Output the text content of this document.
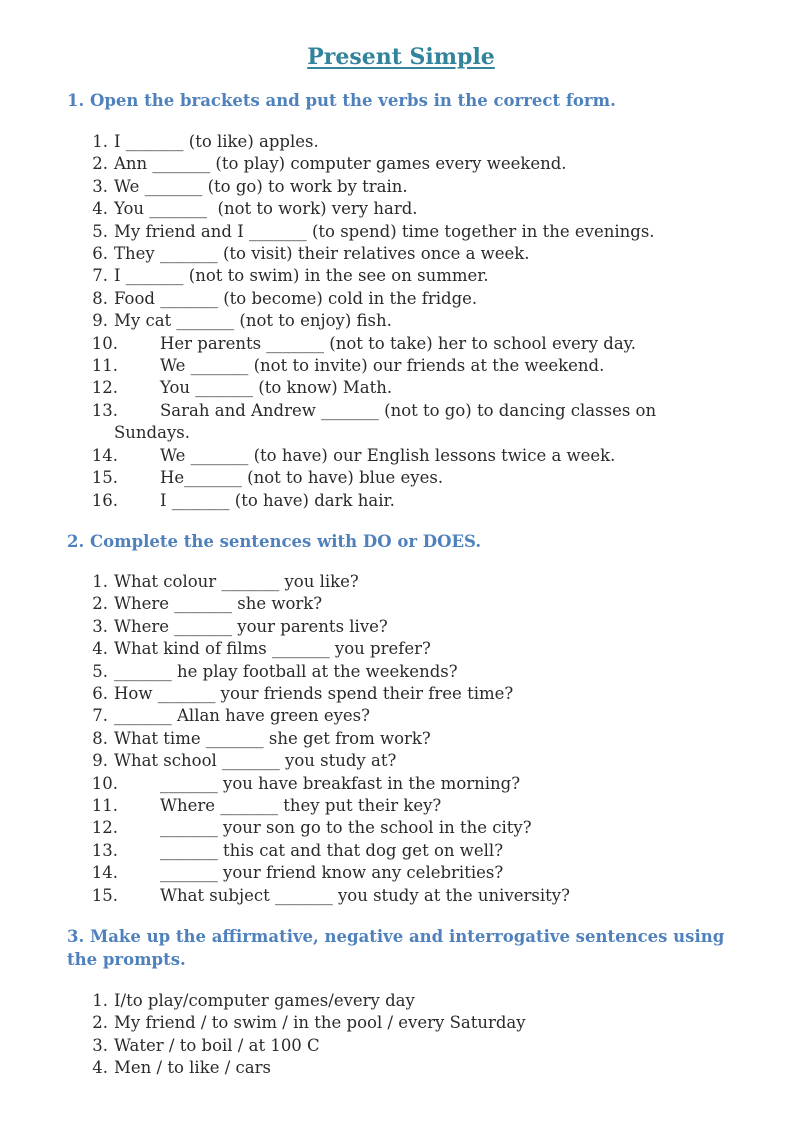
Present Simple
1. Open the brackets and put the verbs in the correct form.
1. I _______ (to like) apples.
2. Ann _______ (to play) computer games every weekend.
3. We _______ (to go) to work by train.
4. You _______  (not to work) very hard.
5. My friend and I _______ (to spend) time together in the evenings.
6. They _______ (to visit) their relatives once a week.
7. I _______ (not to swim) in the see on summer.
8. Food _______ (to become) cold in the fridge.
9. My cat _______ (not to enjoy) fish.
10.	Her parents _______ (not to take) her to school every day.
11.	We _______ (not to invite) our friends at the weekend.
12.	You _______ (to know) Math.
13.	Sarah and Andrew _______ (not to go) to dancing classes on
Sundays.
14.	We _______ (to have) our English lessons twice a week.
15.	He_______ (not to have) blue eyes.
16.	I _______ (to have) dark hair.
2. Complete the sentences with DO or DOES.
1. What colour _______ you like?
2. Where _______ she work?
3. Where _______ your parents live?
4. What kind of films _______ you prefer?
5. _______ he play football at the weekends?
6. How _______ your friends spend their free time?
7. _______ Allan have green eyes?
8. What time _______ she get from work?
9. What school _______ you study at?
10.	_______ you have breakfast in the morning?
11.	Where _______ they put their key?
12.	_______ your son go to the school in the city?
13.	_______ this cat and that dog get on well?
14.	_______ your friend know any celebrities?
15.	What subject _______ you study at the university?
3. Make up the affirmative, negative and interrogative sentences using the prompts.
1. I/to play/computer games/every day
2. My friend / to swim / in the pool / every Saturday
3. Water / to boil / at 100 C
4. Men / to like / cars
